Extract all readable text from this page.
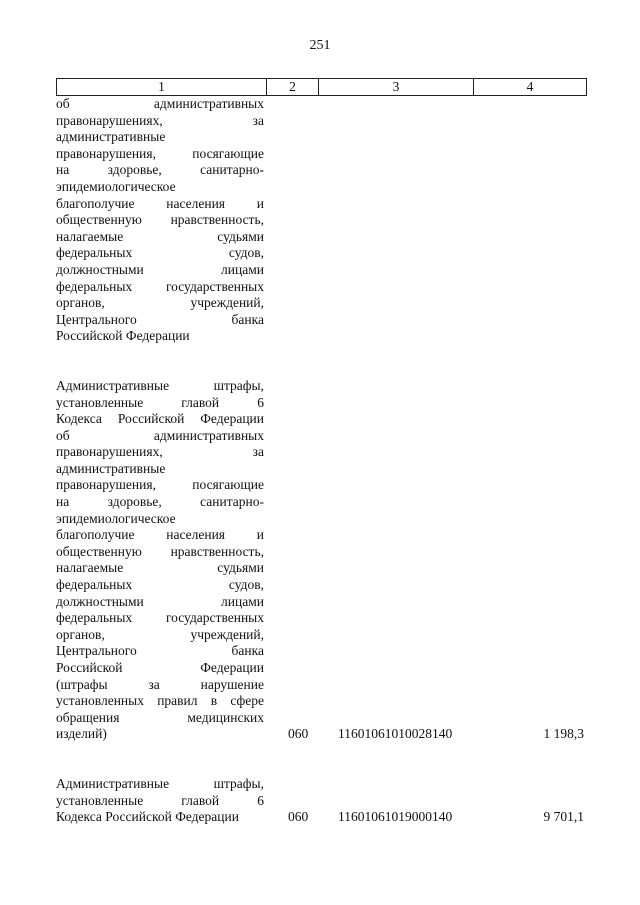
251
1	2	3	4
об административных
правонарушениях, за
административные
правонарушения, посягающие
на здоровье, санитарно-
эпидемиологическое
благополучие населения и
общественную нравственность,
налагаемые судьями
федеральных судов,
должностными лицами
федеральных государственных
органов, учреждений,
Центрального банка
Российской Федерации
Административные штрафы,
установленные главой 6
Кодекса Российской Федерации
об административных
правонарушениях, за
административные
правонарушения, посягающие
на здоровье, санитарно-
эпидемиологическое
благополучие населения и
общественную нравственность,
налагаемые судьями
федеральных судов,
должностными лицами
федеральных государственных
органов, учреждений,
Центрального банка
Российской Федерации
(штрафы за нарушение
установленных правил в сфере
обращения медицинских
изделий)	060 11601061010028140	1 198,3
Административные штрафы,
установленные главой 6
Кодекса Российской Федерации	060 11601061019000140	9 701,1
